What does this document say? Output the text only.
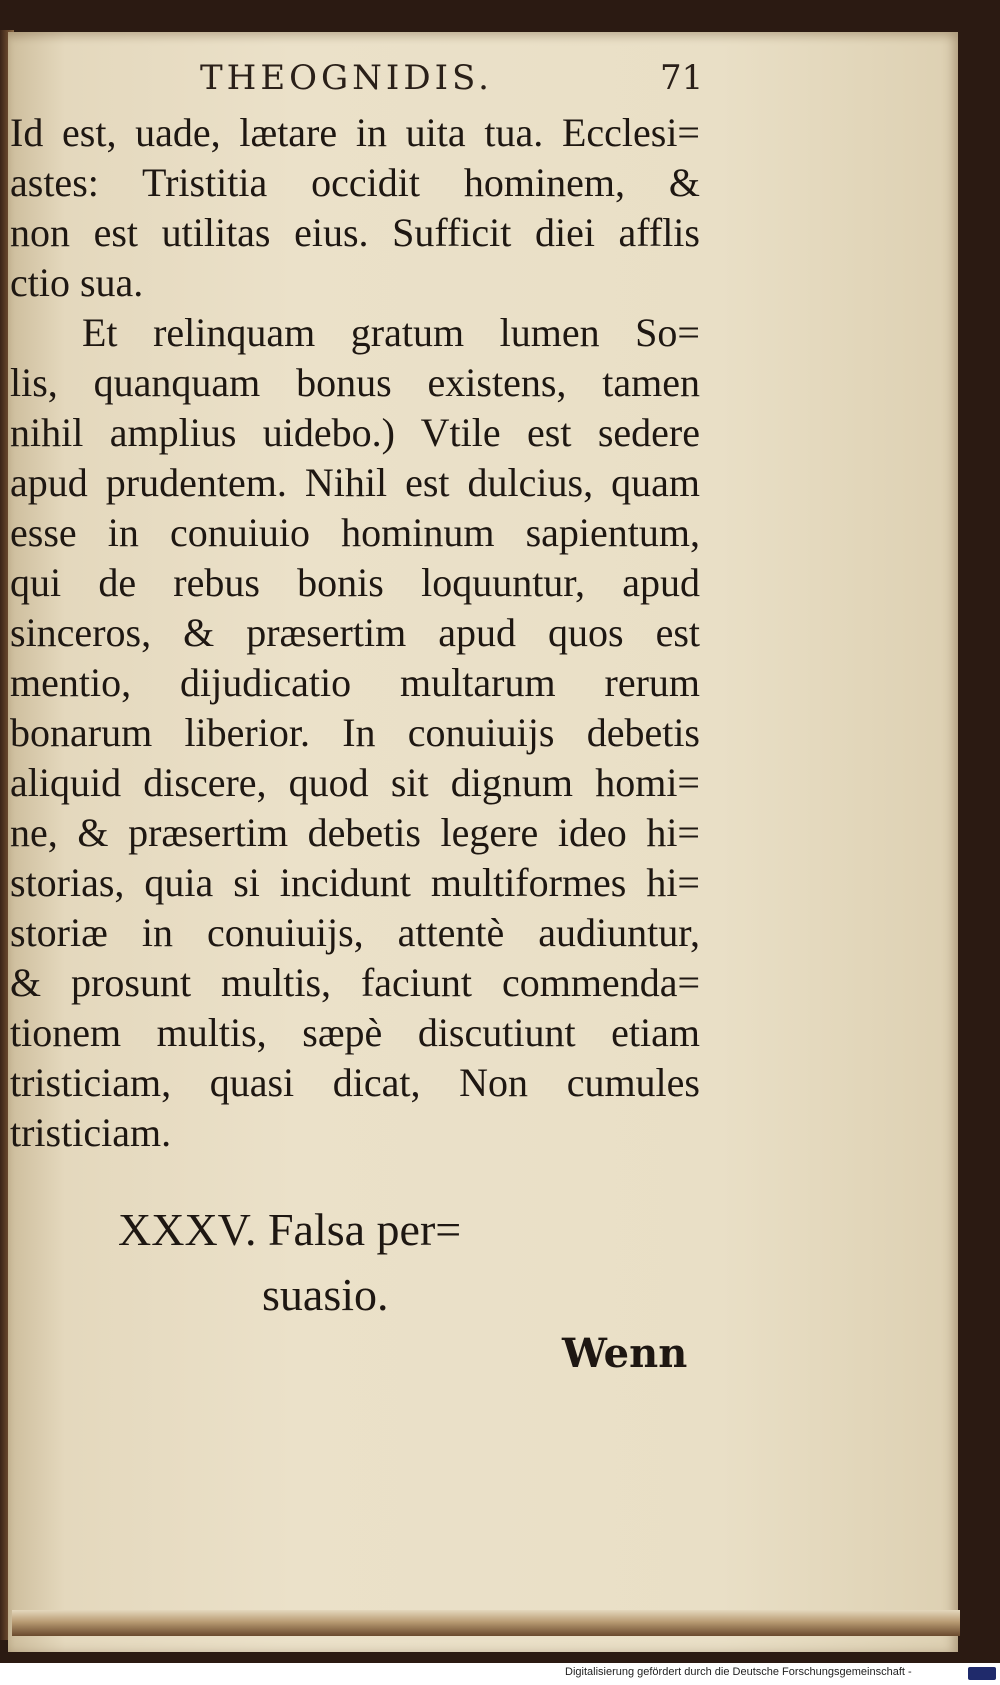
THEOGNIDIS.	71

Id est, uade, lætare in uita tua. Ecclesi=
astes: Tristitia occidit hominem, &
non est utilitas eius. Sufficit diei afflis
ctio sua.
Et relinquam gratum lumen So=
lis, quanquam bonus existens, tamen
nihil amplius uidebo.) Vtile est sedere
apud prudentem. Nihil est dulcius, quam
esse in conuiuio hominum sapientum,
qui de rebus bonis loquuntur, apud
sinceros, & præsertim apud quos est
mentio, dijudicatio multarum rerum
bonarum liberior. In conuiuijs debetis
aliquid discere, quod sit dignum homi=
ne, & præsertim debetis legere ideo hi=
storias, quia si incidunt multiformes hi=
storiæ in conuiuijs, attentè audiuntur,
& prosunt multis, faciunt commenda=
tionem multis, sæpè discutiunt etiam
tristiciam, quasi dicat, Non cumules
tristiciam.

XXXV. Falsa per=

suasio.

Wenn

Digitalisierung gefördert durch die Deutsche Forschungsgemeinschaft -
